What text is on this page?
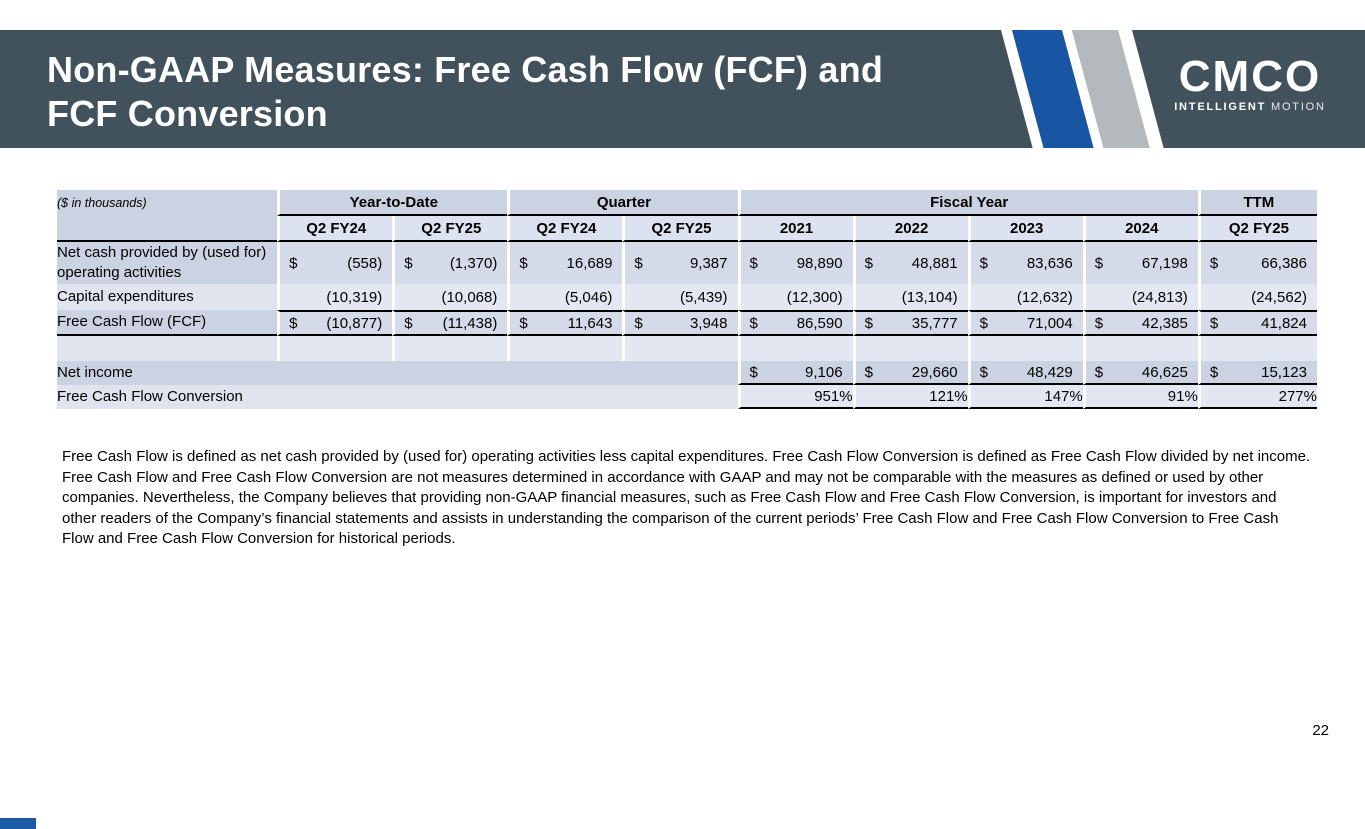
Non-GAAP Measures: Free Cash Flow (FCF) and
FCF Conversion
CMCO
INTELLIGENT MOTION
($ in thousands)	Year-to-Date		Quarter		Fiscal Year				TTM
	Q2 FY24	Q2 FY25	Q2 FY24	Q2 FY25	2021	2022	2023	2024	Q2 FY25
Net cash provided by (used for) operating activities	$ (558)	$ (1,370)	$ 16,689	$ 9,387	$ 98,890	$ 48,881	$ 83,636	$ 67,198	$ 66,386

Capital expenditures	(10,319)	(10,068)	(5,046)	(5,439)	(12,300)	(13,104)	(12,632)	(24,813)	(24,562)

Free Cash Flow (FCF)	$ (10,877)	$ (11,438)	$ 11,643	$ 3,948	$ 86,590	$ 35,777	$ 71,004	$ 42,385	$ 41,824

Net income					$ 9,106	$ 29,660	$ 48,429	$ 46,625	$ 15,123

Free Cash Flow Conversion					951%	121%	147%	91%	277%

Free Cash Flow is defined as net cash provided by (used for) operating activities less capital expenditures. Free Cash Flow Conversion is defined as Free Cash Flow divided by net income. Free Cash Flow and Free Cash Flow Conversion are not measures determined in accordance with GAAP and may not be comparable with the measures as defined or used by other companies. Nevertheless, the Company believes that providing non-GAAP financial measures, such as Free Cash Flow and Free Cash Flow Conversion, is important for investors and other readers of the Company’s financial statements and assists in understanding the comparison of the current periods’ Free Cash Flow and Free Cash Flow Conversion to Free Cash Flow and Free Cash Flow Conversion for historical periods.

22
